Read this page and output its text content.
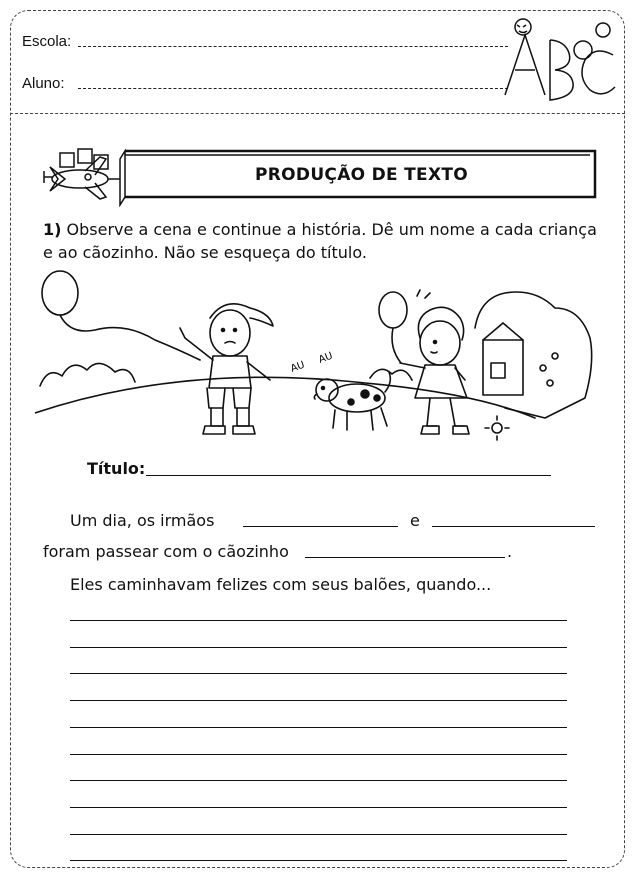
Escola:
Aluno:
PRODUÇÃO DE TEXTO
1) Observe a cena e continue a história. Dê um nome a cada criança e ao cãozinho. Não se esqueça do título.
AU
AU
Título:
Um dia, os irmãos	e
foram passear com o cãozinho	.
Eles caminhavam felizes com seus balões, quando...
